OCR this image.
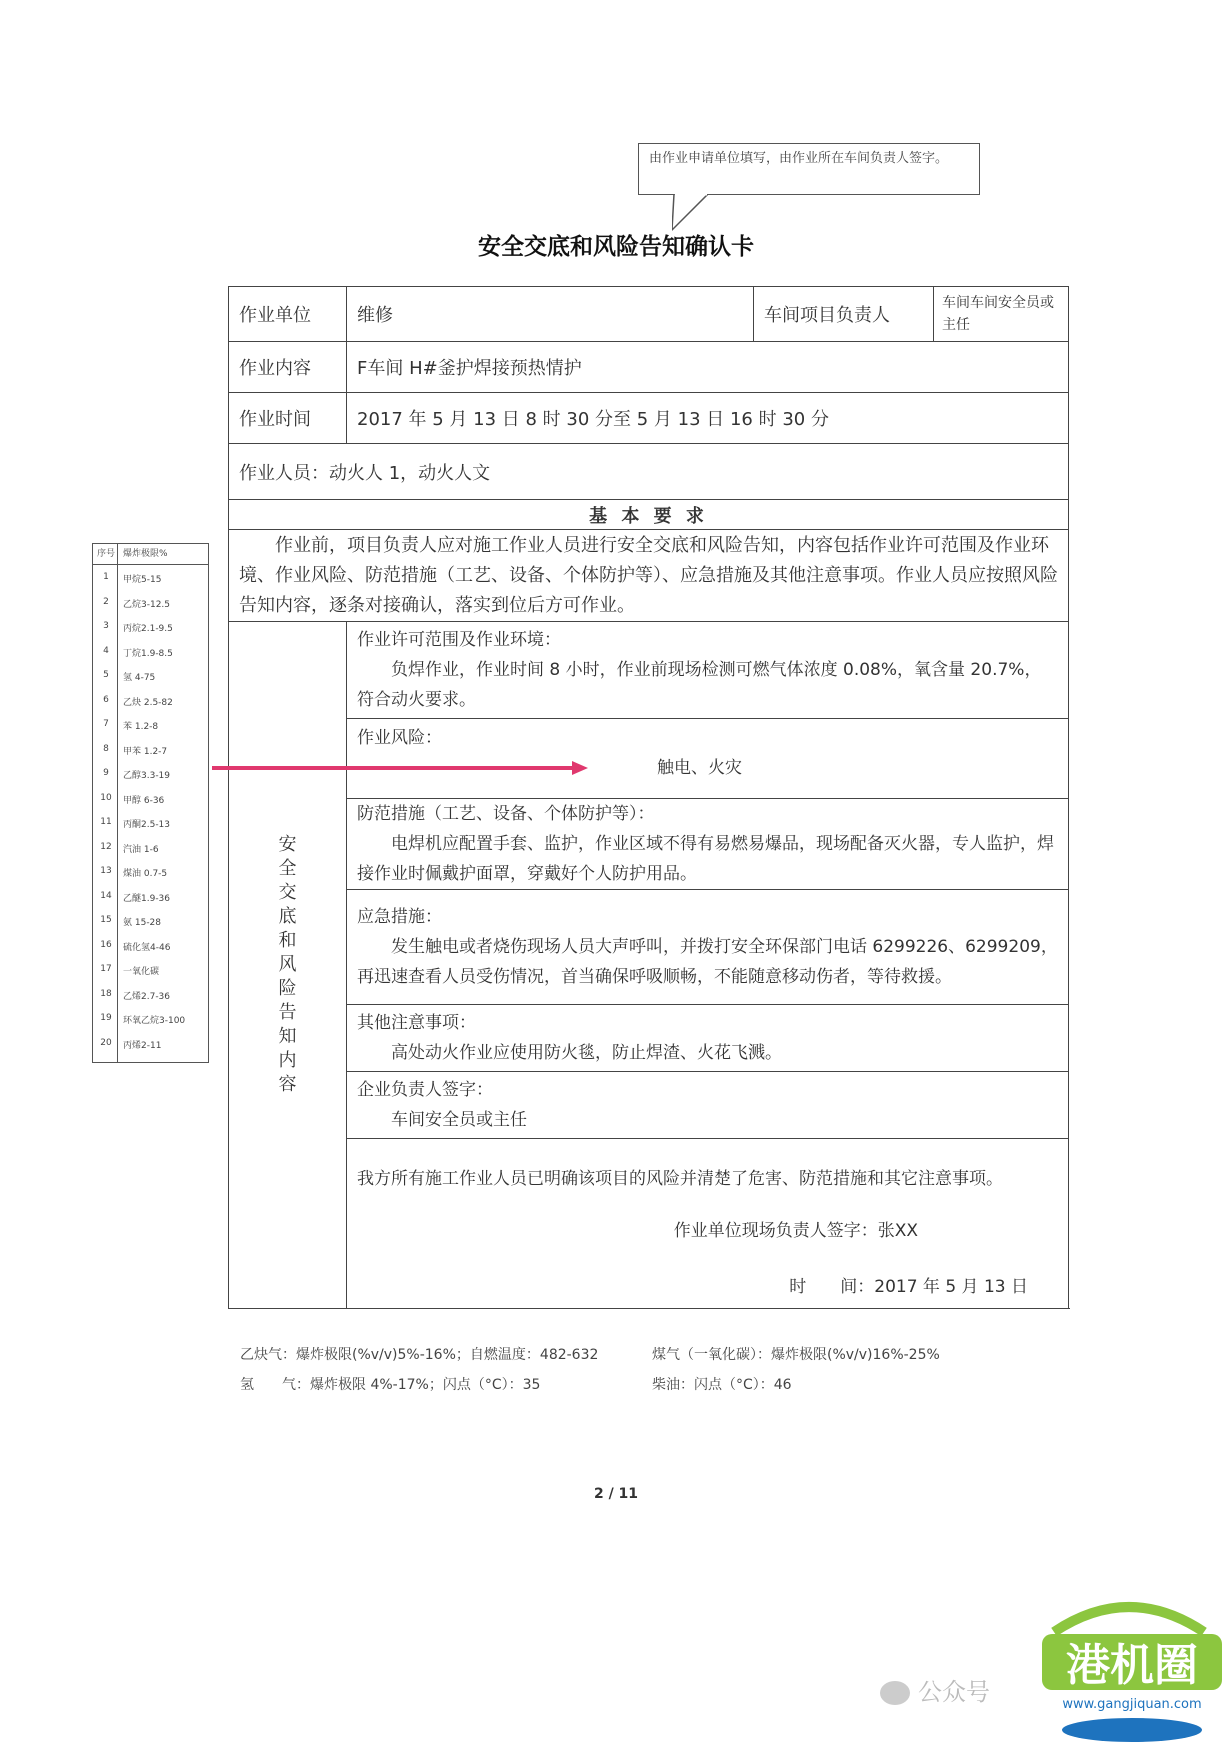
由作业申请单位填写，由作业所在车间负责人签字。
安全交底和风险告知确认卡
序号 爆炸极限%
1	甲烷5-15
2	乙烷3-12.5
3	丙烷2.1-9.5
4	丁烷1.9-8.5
5	氢 4-75
6	乙炔 2.5-82
7	苯 1.2-8
8	甲苯 1.2-7
9	乙醇3.3-19
10	甲醇 6-36
11	丙酮2.5-13
12	汽油 1-6
13	煤油 0.7-5
14	乙醚1.9-36
15	氨 15-28
16	硫化氢4-46
17	一氧化碳
18	乙烯2.7-36
19	环氧乙烷3-100
20	丙烯2-11
作业单位	维修	车间项目负责人	车间车间安全员或主任
作业内容	F车间 H#釜护焊接预热情护		
作业时间	2017 年 5 月 13 日 8 时 30 分至 5 月 13 日 16 时 30 分		
作业人员：动火人 1，动火人文			
基 本 要 求			
作业前，项目负责人应对施工作业人员进行安全交底和风险告知，内容包括作业许可范围及作业环境、作业风险、防范措施（工艺、设备、个体防护等）、应急措施及其他注意事项。作业人员应按照风险告知内容，逐条对接确认，落实到位后方可作业。			

安全交底和风险告知内容	作业许可范围及作业环境：
负焊作业，作业时间 8 小时，作业前现场检测可燃气体浓度 0.08%，氧含量 20.7%，符合动火要求。		

	作业风险：
触电、火灾		

	防范措施（工艺、设备、个体防护等）：
电焊机应配置手套、监护，作业区域不得有易燃易爆品，现场配备灭火器，专人监护，焊接作业时佩戴护面罩，穿戴好个人防护用品。		

	应急措施：
发生触电或者烧伤现场人员大声呼叫，并拨打安全环保部门电话 6299226、6299209，再迅速查看人员受伤情况，首当确保呼吸顺畅，不能随意移动伤者，等待救援。		

	其他注意事项：
高处动火作业应使用防火毯，防止焊渣、火花飞溅。		

	企业负责人签字：
车间安全员或主任		

	我方所有施工作业人员已明确该项目的风险并清楚了危害、防范措施和其它注意事项。
作业单位现场负责人签字：张XX
时　　间：2017 年 5 月 13 日		
乙炔气：爆炸极限(%v/v)5%-16%；自燃温度：482-632	煤气（一氧化碳）：爆炸极限(%v/v)16%-25%
氢　　气：爆炸极限 4%-17%；闪点（°C）：35	柴油：闪点（°C）：46
2 / 11
公众号
港机圈
www.gangjiquan.com
